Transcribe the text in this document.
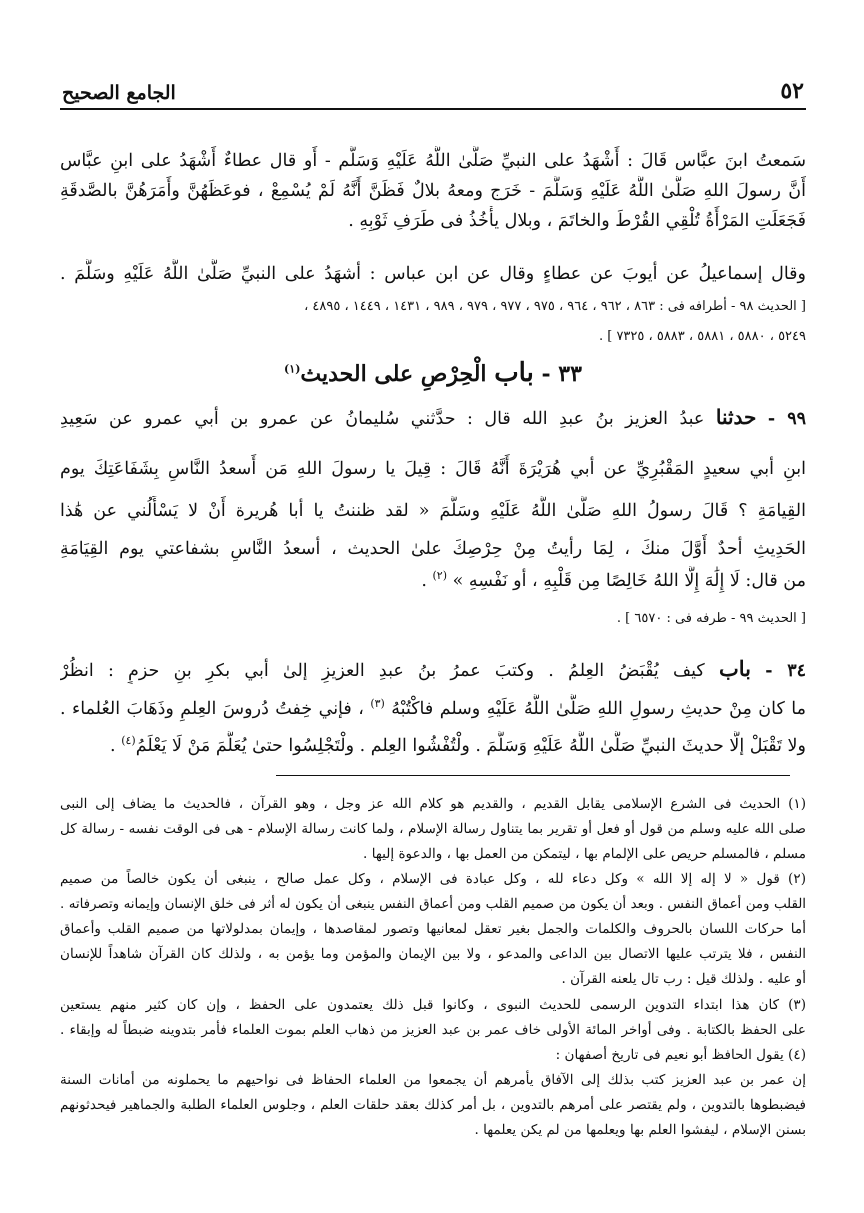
٥٢
الجامع الصحيح
سَمعتُ ابنَ عبَّاس قَالَ : أَشْهَدُ على النبيِّ صَلَّىٰ اللَّهُ عَلَيْهِ وَسَلَّم - أَو قال عطاءٌ أَشْهَدُ على ابنِ عبَّاس
أَنَّ رسولَ اللهِ صَلَّىٰ اللَّهُ عَلَيْهِ وَسَلَّمَ - خَرَج ومعهُ بلالٌ فَظَنَّ أَنَّهُ لَمْ يُسْمِعْ ، فوعَظَهُنَّ وأَمَرَهُنَّ بالصَّدقَةِ
فَجَعَلَتِ المَرْأَةُ تُلْقِي القُرْطَ والخاتَمَ ، وبلال يأْخُذُ فى طَرَفِ ثَوْبِهِ .
وقال إسماعيلُ عن أيوبَ عن عطاءٍ وقال عن ابن عباس : أشهَدُ على النبيِّ صَلَّىٰ اللَّهُ عَلَيْهِ وسَلَّمَ .
[ الحديث ٩٨ - أطرافه فى : ٨٦٣ ، ٩٦٢ ، ٩٦٤ ، ٩٧٥ ، ٩٧٧ ، ٩٧٩ ، ٩٨٩ ، ١٤٣١ ، ١٤٤٩ ، ٤٨٩٥ ،
٥٢٤٩ ، ٥٨٨٠ ، ٥٨٨١ ، ٥٨٨٣ ، ٧٣٢٥ ] .
٣٣ - باب الْحِرْصِ على الحديث$^{(١)}$
٩٩ - حدثنا عبدُ العزيز بنُ عبدِ الله قال : حدَّثني سُليمانُ عن عمرو بن أبي عمرو عن سَعِيدِ
ابنِ أبي سعيدٍ المَقْبُرِيِّ عن أبي هُرَيْرَةَ أَنَّهُ قَالَ : قِيلَ يا رسولَ اللهِ مَن أَسعدُ النَّاسِ بِشَفَاعَتِكَ يوم
القِيامَةِ ؟ قَالَ رسولُ اللهِ صَلَّىٰ اللَّهُ عَلَيْهِ وسَلَّمَ « لقد ظننتُ يا أبا هُريرة أَنْ لا يَسْأَلُني عن هَٰذا
الحَدِيثِ أحدٌ أَوَّلَ منكَ ، لِمَا رأيتُ مِنْ حِرْصِكَ علىٰ الحديث ، أسعدُ النَّاسِ بشفاعتي يوم القِيَامَةِ
من قال: لَا إِلَٰهَ إِلَّا اللهُ خَالِصًا مِن قَلْبِهِ ، أو نَفْسِهِ » $^{(٢)}$ .
[ الحديث ٩٩ - طرفه فى : ٦٥٧٠ ] .
٣٤ - باب كيف يُقْبَضُ العِلمُ . وكتبَ عمرُ بنُ عبدِ العزيزِ إلىٰ أبي بكرِ بنِ حزمٍ : انظُرْ
ما كان مِنْ حديثِ رسولِ اللهِ صَلَّىٰ اللَّهُ عَلَيْهِ وسلم فاكْتُبْهُ $^{(٣)}$ ، فإني خِفتُ دُروسَ العِلمِ وذَهَابَ العُلماء .
ولا تَقْبَلْ إلَّا حديثَ النبيِّ صَلَّىٰ اللَّهُ عَلَيْهِ وَسَلَّمَ . ولْتُفْشُوا العِلم . ولْتَجْلِسُوا حتىٰ يُعَلَّمَ مَنْ لَا يَعْلَمُ$^{(٤)}$ .
(١) الحديث فى الشرع الإسلامى يقابل القديم ، والقديم هو كلام الله عز وجل ، وهو القرآن ، فالحديث ما يضاف إلى النبى
صلى الله عليه وسلم من قول أو فعل أو تقرير بما يتناول رسالة الإسلام ، ولما كانت رسالة الإسلام - هى فى الوقت نفسه - رسالة كل
مسلم ، فالمسلم حريص على الإلمام بها ، ليتمكن من العمل بها ، والدعوة إليها .
(٢) قول « لا إله إلا الله » وكل دعاء لله ، وكل عبادة فى الإسلام ، وكل عمل صالح ، ينبغى أن يكون خالصاً من صميم
القلب ومن أعماق النفس . وبعد أن يكون من صميم القلب ومن أعماق النفس ينبغى أن يكون له أثر فى خلق الإنسان وإيمانه وتصرفاته .
أما حركات اللسان بالحروف والكلمات والجمل بغير تعقل لمعانيها وتصور لمقاصدها ، وإيمان بمدلولاتها من صميم القلب وأعماق
النفس ، فلا يترتب عليها الاتصال بين الداعى والمدعو ، ولا بين الإيمان والمؤمن وما يؤمن به ، ولذلك كان القرآن شاهداً للإنسان
أو عليه . ولذلك قيل : رب تال يلعنه القرآن .
(٣) كان هذا ابتداء التدوين الرسمى للحديث النبوى ، وكانوا قبل ذلك يعتمدون على الحفظ ، وإن كان كثير منهم يستعين
على الحفظ بالكتابة . وفى أواخر المائة الأولى خاف عمر بن عبد العزيز من ذهاب العلم بموت العلماء فأمر بتدوينه ضبطاً له وإبقاء .
(٤) يقول الحافظ أبو نعيم فى تاريخ أصفهان :
إن عمر بن عبد العزيز كتب بذلك إلى الآفاق يأمرهم أن يجمعوا من العلماء الحفاظ فى نواحيهم ما يحملونه من أمانات السنة
فيضبطوها بالتدوين ، ولم يقتصر على أمرهم بالتدوين ، بل أمر كذلك بعقد حلقات العلم ، وجلوس العلماء الطلبة والجماهير فيحدثونهم
بسنن الإسلام ، ليفشوا العلم بها ويعلمها من لم يكن يعلمها .
